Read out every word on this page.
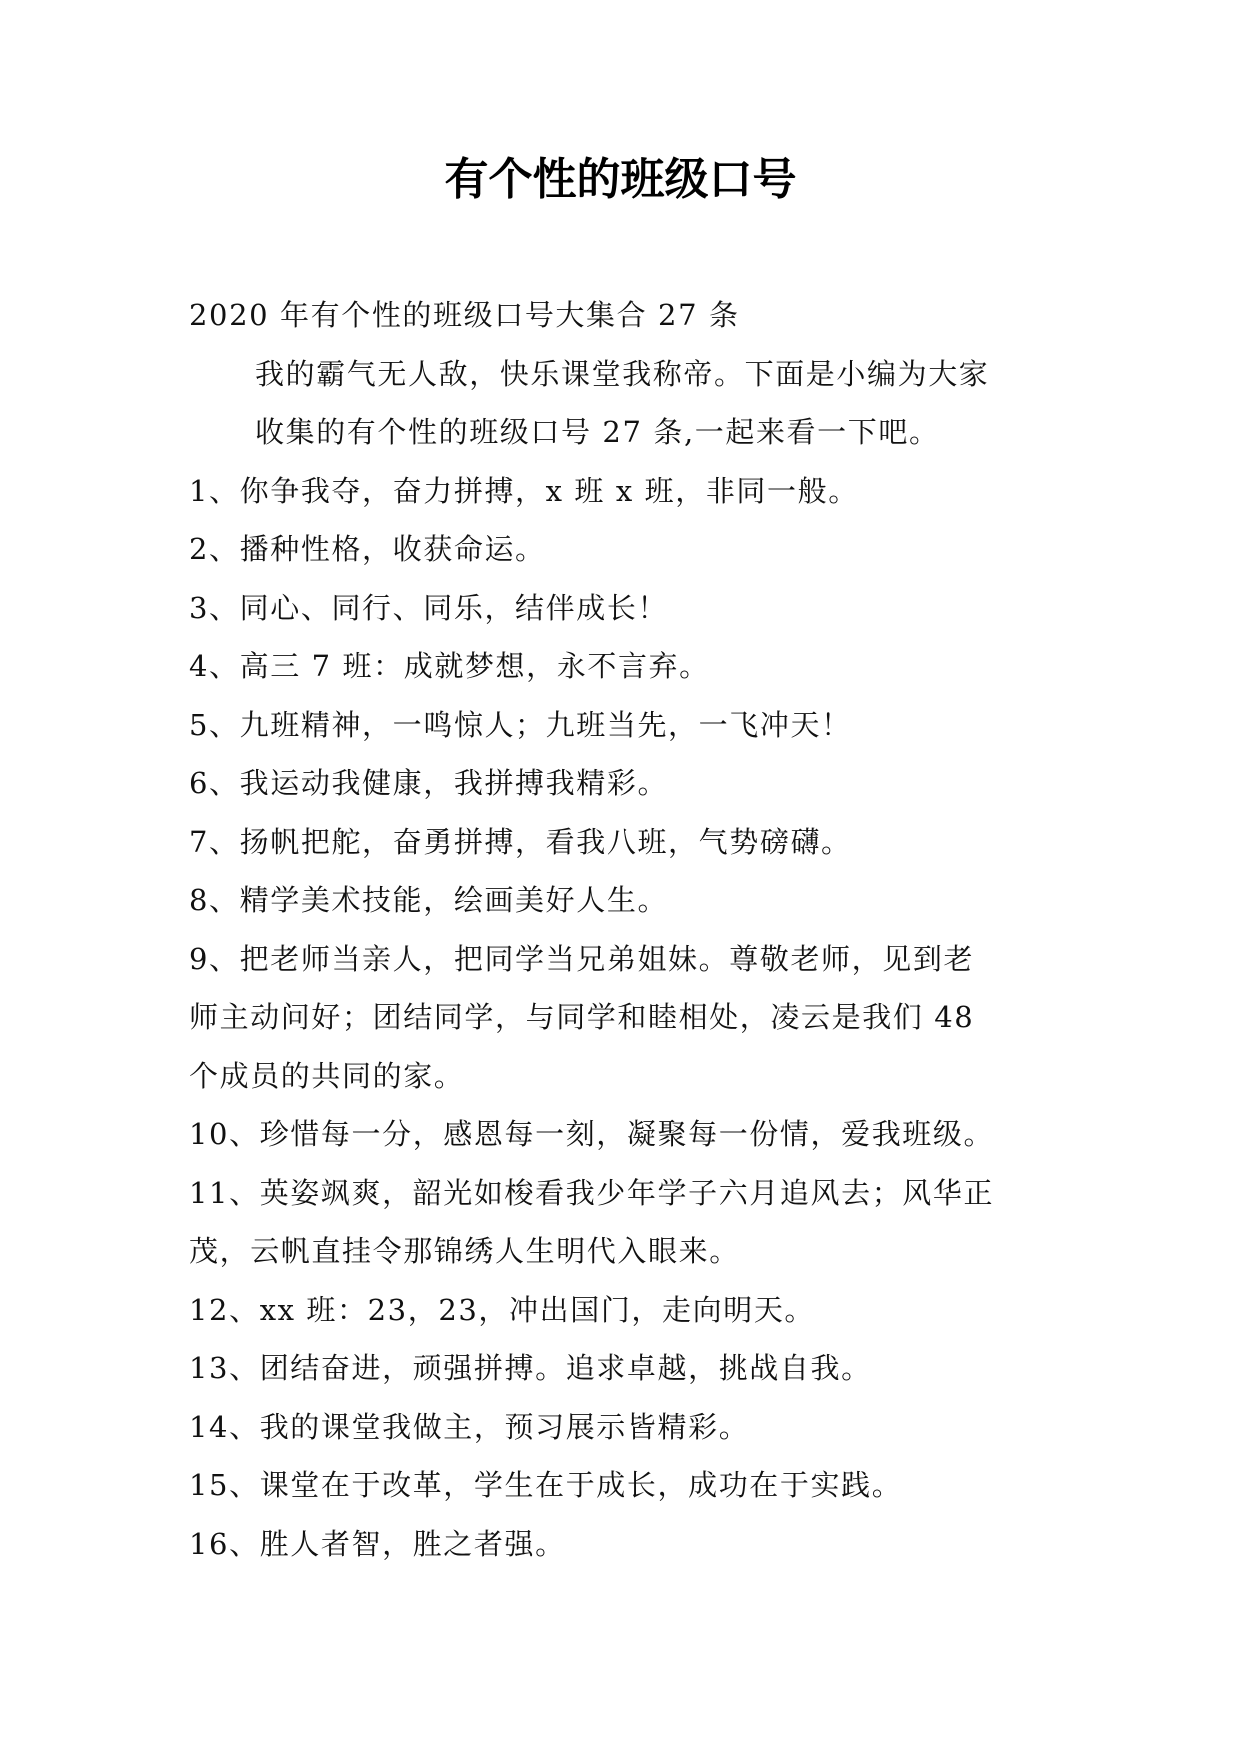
有个性的班级口号

2020 年有个性的班级口号大集合 27 条

我的霸气无人敌，快乐课堂我称帝。下面是小编为大家
收集的有个性的班级口号 27 条,一起来看一下吧。

1、你争我夺，奋力拼搏，x 班 x 班，非同一般。

2、播种性格，收获命运。

3、同心、同行、同乐，结伴成长！

4、高三 7 班：成就梦想，永不言弃。

5、九班精神，一鸣惊人；九班当先，一飞冲天！

6、我运动我健康，我拼搏我精彩。

7、扬帆把舵，奋勇拼搏，看我八班，气势磅礴。

8、精学美术技能，绘画美好人生。

9、把老师当亲人，把同学当兄弟姐妹。尊敬老师，见到老
师主动问好；团结同学，与同学和睦相处，凌云是我们 48
个成员的共同的家。

10、珍惜每一分，感恩每一刻，凝聚每一份情，爱我班级。

11、英姿飒爽，韶光如梭看我少年学子六月追风去；风华正
茂，云帆直挂令那锦绣人生明代入眼来。

12、xx 班：23，23，冲出国门，走向明天。

13、团结奋进，顽强拼搏。追求卓越，挑战自我。

14、我的课堂我做主，预习展示皆精彩。

15、课堂在于改革，学生在于成长，成功在于实践。

16、胜人者智，胜之者强。
